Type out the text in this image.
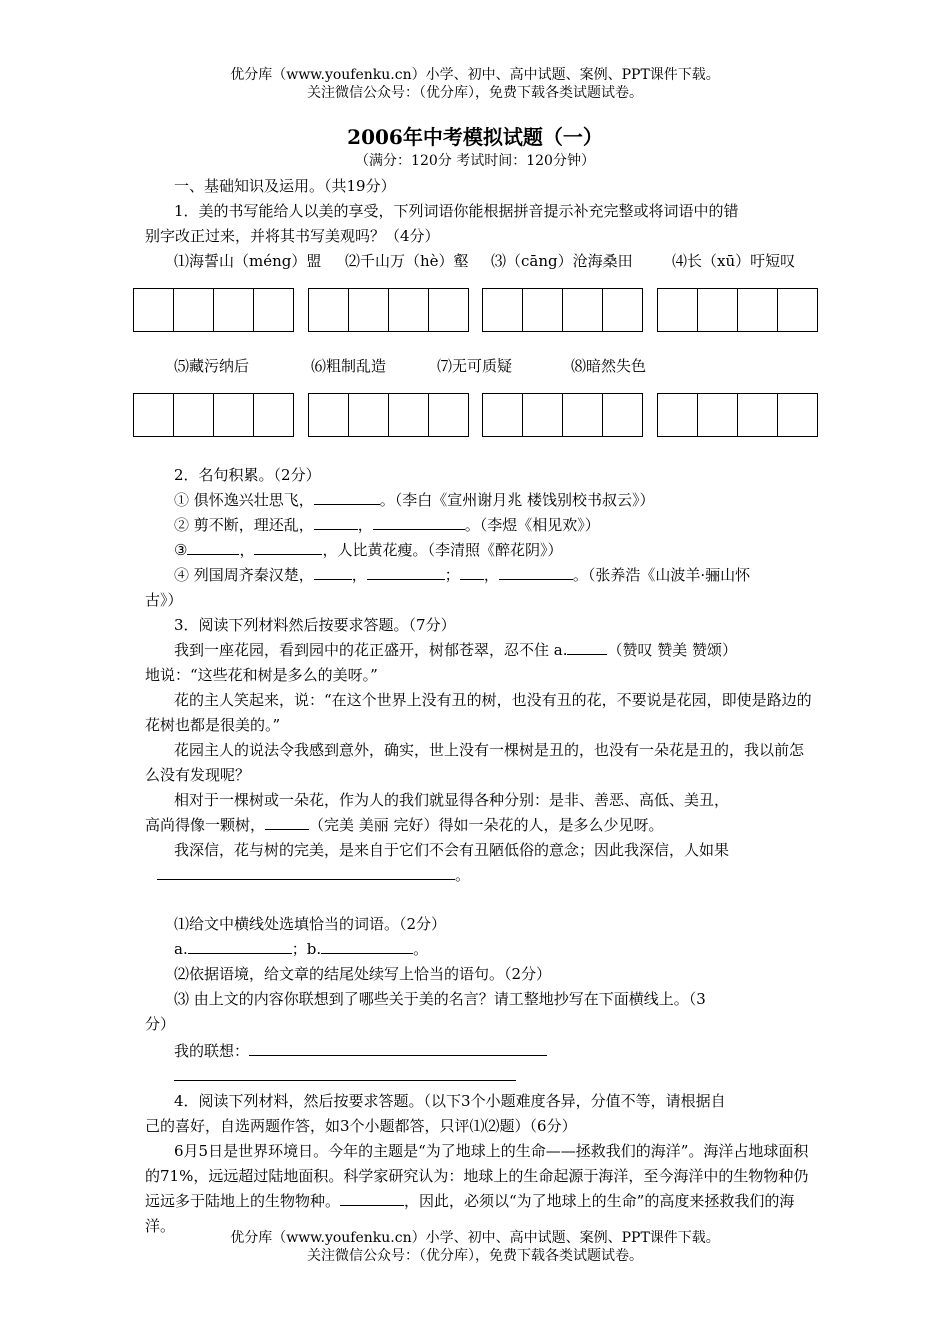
优分库（www.youfenku.cn）小学、初中、高中试题、案例、PPT课件下载。
关注微信公众号：（优分库），免费下载各类试题试卷。
2006年中考模拟试题（一）
（满分：120分 考试时间：120分钟）

一、基础知识及运用。（共19分）

1．美的书写能给人以美的享受，下列词语你能根据拼音提示补充完整或将词语中的错

别字改正过来，并将其书写美观吗？（4分）

⑴海誓山（méng）盟	⑵千山万（hè）壑	⑶（cāng）沧海桑田	⑷长（xū）吁短叹
⑸藏污纳后	⑹粗制乱造	⑺无可质疑	⑻暗然失色

2．名句积累。（2分）

① 俱怀逸兴壮思飞，	。（李白《宣州谢月兆 楼饯别校书叔云》）

② 剪不断，理还乱，	，	。（李煜《相见欢》）

③	，	，人比黄花瘦。（李清照《醉花阴》）

④ 列国周齐秦汉楚，	，	； ，	。（张养浩《山波羊·骊山怀

古》）

3．阅读下列材料然后按要求答题。（7分）

我到一座花园，看到园中的花正盛开，树郁苍翠，忍不住 a.	（赞叹 赞美 赞颂）

地说：“这些花和树是多么的美呀。”

花的主人笑起来，说：“在这个世界上没有丑的树，也没有丑的花，不要说是花园，即使是路边的花树也都是很美的。”

花园主人的说法令我感到意外，确实，世上没有一棵树是丑的，也没有一朵花是丑的，我以前怎么没有发现呢？

相对于一棵树或一朵花，作为人的我们就显得各种分别：是非、善恶、高低、美丑，

高尚得像一颗树，	（完美 美丽 完好）得如一朵花的人，是多么少见呀。

我深信，花与树的完美，是来自于它们不会有丑陋低俗的意念；因此我深信，人如果

。

⑴给文中横线处选填恰当的词语。（2分）

a.	；b.	。

⑵依据语境，给文章的结尾处续写上恰当的语句。（2分）

⑶ 由上文的内容你联想到了哪些关于美的名言？请工整地抄写在下面横线上。（3

分）

我的联想：

4．阅读下列材料，然后按要求答题。（以下3个小题难度各异，分值不等，请根据自

己的喜好，自选两题作答，如3个小题都答，只评⑴⑵题）（6分）

6月5日是世界环境日。今年的主题是“为了地球上的生命——拯救我们的海洋”。海洋占地球面积的71%，远远超过陆地面积。科学家研究认为：地球上的生命起源于海洋，至今海洋中的生物物种仍远远多于陆地上的生物物种。	，因此，必须以“为了地球上的生命”的高度来拯救我们的海洋。

优分库（www.youfenku.cn）小学、初中、高中试题、案例、PPT课件下载。
关注微信公众号：（优分库），免费下载各类试题试卷。
